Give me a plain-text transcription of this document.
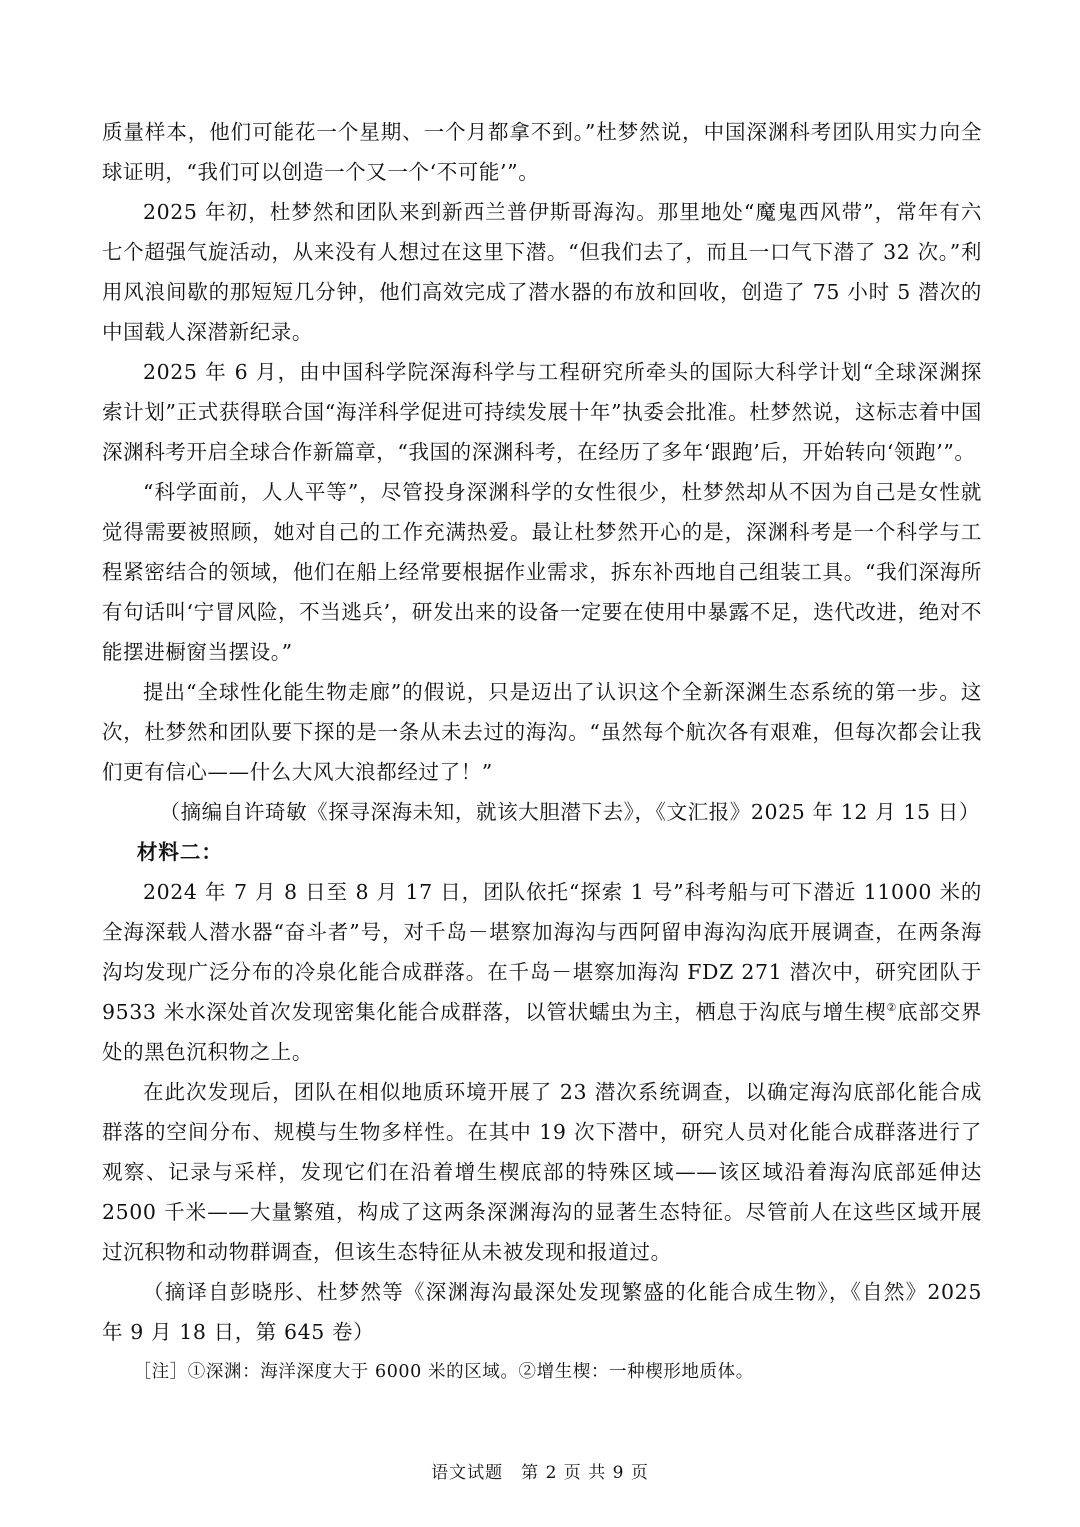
质量样本，他们可能花一个星期、一个月都拿不到。”杜梦然说，中国深渊科考团队用实力向全球证明，“我们可以创造一个又一个‘不可能’”。

2025 年初，杜梦然和团队来到新西兰普伊斯哥海沟。那里地处“魔鬼西风带”，常年有六七个超强气旋活动，从来没有人想过在这里下潜。“但我们去了，而且一口气下潜了 32 次。”利用风浪间歇的那短短几分钟，他们高效完成了潜水器的布放和回收，创造了 75 小时 5 潜次的中国载人深潜新纪录。

2025 年 6 月，由中国科学院深海科学与工程研究所牵头的国际大科学计划“全球深渊探索计划”正式获得联合国“海洋科学促进可持续发展十年”执委会批准。杜梦然说，这标志着中国深渊科考开启全球合作新篇章，“我国的深渊科考，在经历了多年‘跟跑’后，开始转向‘领跑’”。

“科学面前，人人平等”，尽管投身深渊科学的女性很少，杜梦然却从不因为自己是女性就觉得需要被照顾，她对自己的工作充满热爱。最让杜梦然开心的是，深渊科考是一个科学与工程紧密结合的领域，他们在船上经常要根据作业需求，拆东补西地自己组装工具。“我们深海所有句话叫‘宁冒风险，不当逃兵’，研发出来的设备一定要在使用中暴露不足，迭代改进，绝对不能摆进橱窗当摆设。”

提出“全球性化能生物走廊”的假说，只是迈出了认识这个全新深渊生态系统的第一步。这次，杜梦然和团队要下探的是一条从未去过的海沟。“虽然每个航次各有艰难，但每次都会让我们更有信心——什么大风大浪都经过了！”

（摘编自许琦敏《探寻深海未知，就该大胆潜下去》，《文汇报》2025 年 12 月 15 日）

材料二：

2024 年 7 月 8 日至 8 月 17 日，团队依托“探索 1 号”科考船与可下潜近 11000 米的全海深载人潜水器“奋斗者”号，对千岛－堪察加海沟与西阿留申海沟沟底开展调查，在两条海沟均发现广泛分布的冷泉化能合成群落。在千岛－堪察加海沟 FDZ 271 潜次中，研究团队于 9533 米水深处首次发现密集化能合成群落，以管状蠕虫为主，栖息于沟底与增生楔②底部交界处的黑色沉积物之上。

在此次发现后，团队在相似地质环境开展了 23 潜次系统调查，以确定海沟底部化能合成群落的空间分布、规模与生物多样性。在其中 19 次下潜中，研究人员对化能合成群落进行了观察、记录与采样，发现它们在沿着增生楔底部的特殊区域——该区域沿着海沟底部延伸达 2500 千米——大量繁殖，构成了这两条深渊海沟的显著生态特征。尽管前人在这些区域开展过沉积物和动物群调查，但该生态特征从未被发现和报道过。

（摘译自彭晓彤、杜梦然等《深渊海沟最深处发现繁盛的化能合成生物》，《自然》2025 年 9 月 18 日，第 645 卷）

［注］①深渊：海洋深度大于 6000 米的区域。②增生楔：一种楔形地质体。

语文试题　第 2 页 共 9 页
